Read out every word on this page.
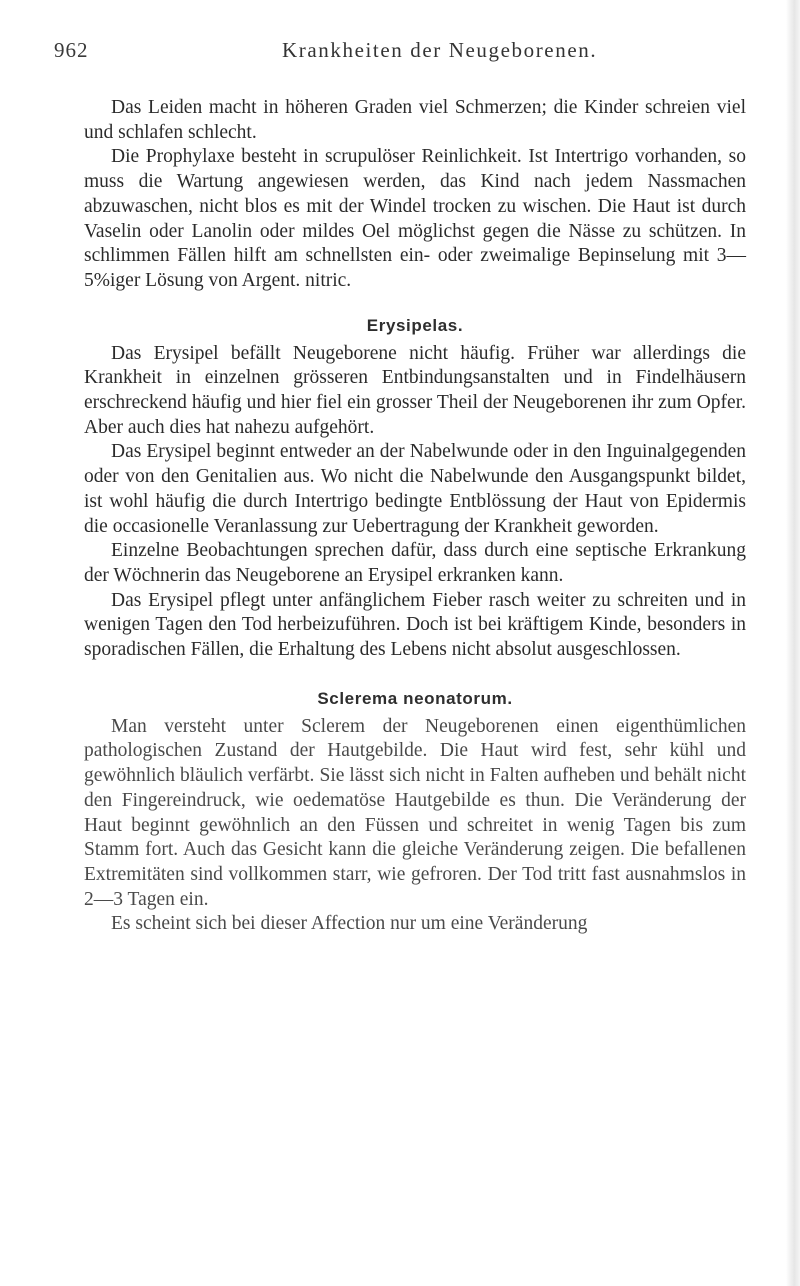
962	Krankheiten der Neugeborenen.

Das Leiden macht in höheren Graden viel Schmerzen; die Kinder schreien viel und schlafen schlecht.

Die Prophylaxe besteht in scrupulöser Reinlichkeit. Ist Intertrigo vorhanden, so muss die Wartung angewiesen werden, das Kind nach jedem Nassmachen abzuwaschen, nicht blos es mit der Windel trocken zu wischen. Die Haut ist durch Vaselin oder Lanolin oder mildes Oel möglichst gegen die Nässe zu schützen. In schlimmen Fällen hilft am schnellsten ein- oder zweimalige Bepinselung mit 3—5%iger Lösung von Argent. nitric.

Erysipelas.

Das Erysipel befällt Neugeborene nicht häufig. Früher war allerdings die Krankheit in einzelnen grösseren Entbindungsanstalten und in Findelhäusern erschreckend häufig und hier fiel ein grosser Theil der Neugeborenen ihr zum Opfer. Aber auch dies hat nahezu aufgehört.

Das Erysipel beginnt entweder an der Nabelwunde oder in den Inguinalgegenden oder von den Genitalien aus. Wo nicht die Nabelwunde den Ausgangspunkt bildet, ist wohl häufig die durch Intertrigo bedingte Entblössung der Haut von Epidermis die occasionelle Veranlassung zur Uebertragung der Krankheit geworden.

Einzelne Beobachtungen sprechen dafür, dass durch eine septische Erkrankung der Wöchnerin das Neugeborene an Erysipel erkranken kann.

Das Erysipel pflegt unter anfänglichem Fieber rasch weiter zu schreiten und in wenigen Tagen den Tod herbeizuführen. Doch ist bei kräftigem Kinde, besonders in sporadischen Fällen, die Erhaltung des Lebens nicht absolut ausgeschlossen.

Sclerema neonatorum.

Man versteht unter Sclerem der Neugeborenen einen eigenthümlichen pathologischen Zustand der Hautgebilde. Die Haut wird fest, sehr kühl und gewöhnlich bläulich verfärbt. Sie lässt sich nicht in Falten aufheben und behält nicht den Fingereindruck, wie oedematöse Hautgebilde es thun. Die Veränderung der Haut beginnt gewöhnlich an den Füssen und schreitet in wenig Tagen bis zum Stamm fort. Auch das Gesicht kann die gleiche Veränderung zeigen. Die befallenen Extremitäten sind vollkommen starr, wie gefroren. Der Tod tritt fast ausnahmslos in 2—3 Tagen ein.

Es scheint sich bei dieser Affection nur um eine Veränderung
